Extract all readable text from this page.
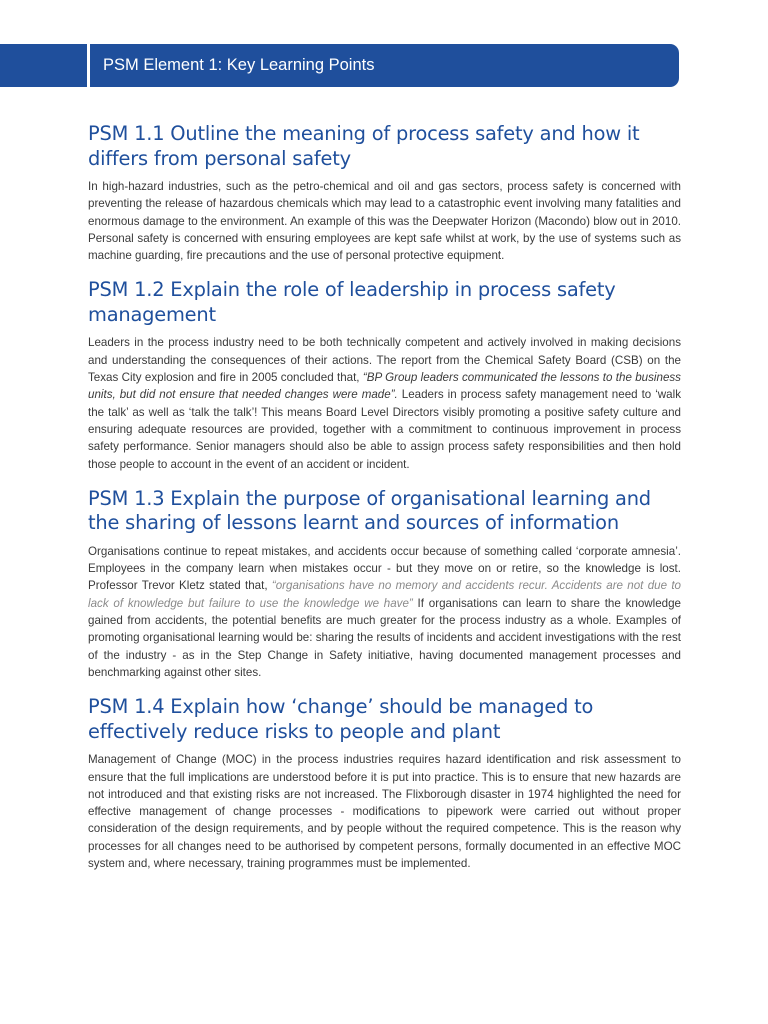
PSM Element 1: Key Learning Points
PSM 1.1 Outline the meaning of process safety and how it differs from personal safety

In high-hazard industries, such as the petro-chemical and oil and gas sectors, process safety is concerned with preventing the release of hazardous chemicals which may lead to a catastrophic event involving many fatalities and enormous damage to the environment. An example of this was the Deepwater Horizon (Macondo) blow out in 2010. Personal safety is concerned with ensuring employees are kept safe whilst at work, by the use of systems such as machine guarding, fire precautions and the use of personal protective equipment.

PSM 1.2 Explain the role of leadership in process safety management

Leaders in the process industry need to be both technically competent and actively involved in making decisions and understanding the consequences of their actions. The report from the Chemical Safety Board (CSB) on the Texas City explosion and fire in 2005 concluded that, “BP Group leaders communicated the lessons to the business units, but did not ensure that needed changes were made”. Leaders in process safety management need to ‘walk the talk’ as well as ‘talk the talk’! This means Board Level Directors visibly promoting a positive safety culture and ensuring adequate resources are provided, together with a commitment to continuous improvement in process safety performance. Senior managers should also be able to assign process safety responsibilities and then hold those people to account in the event of an accident or incident.

PSM 1.3 Explain the purpose of organisational learning and the sharing of lessons learnt and sources of information

Organisations continue to repeat mistakes, and accidents occur because of something called ‘corporate amnesia’. Employees in the company learn when mistakes occur - but they move on or retire, so the knowledge is lost. Professor Trevor Kletz stated that, “organisations have no memory and accidents recur. Accidents are not due to lack of knowledge but failure to use the knowledge we have” If organisations can learn to share the knowledge gained from accidents, the potential benefits are much greater for the process industry as a whole. Examples of promoting organisational learning would be: sharing the results of incidents and accident investigations with the rest of the industry - as in the Step Change in Safety initiative, having documented management processes and benchmarking against other sites.

PSM 1.4 Explain how ‘change’ should be managed to effectively reduce risks to people and plant

Management of Change (MOC) in the process industries requires hazard identification and risk assessment to ensure that the full implications are understood before it is put into practice. This is to ensure that new hazards are not introduced and that existing risks are not increased. The Flixborough disaster in 1974 highlighted the need for effective management of change processes - modifications to pipework were carried out without proper consideration of the design requirements, and by people without the required competence. This is the reason why processes for all changes need to be authorised by competent persons, formally documented in an effective MOC system and, where necessary, training programmes must be implemented.
